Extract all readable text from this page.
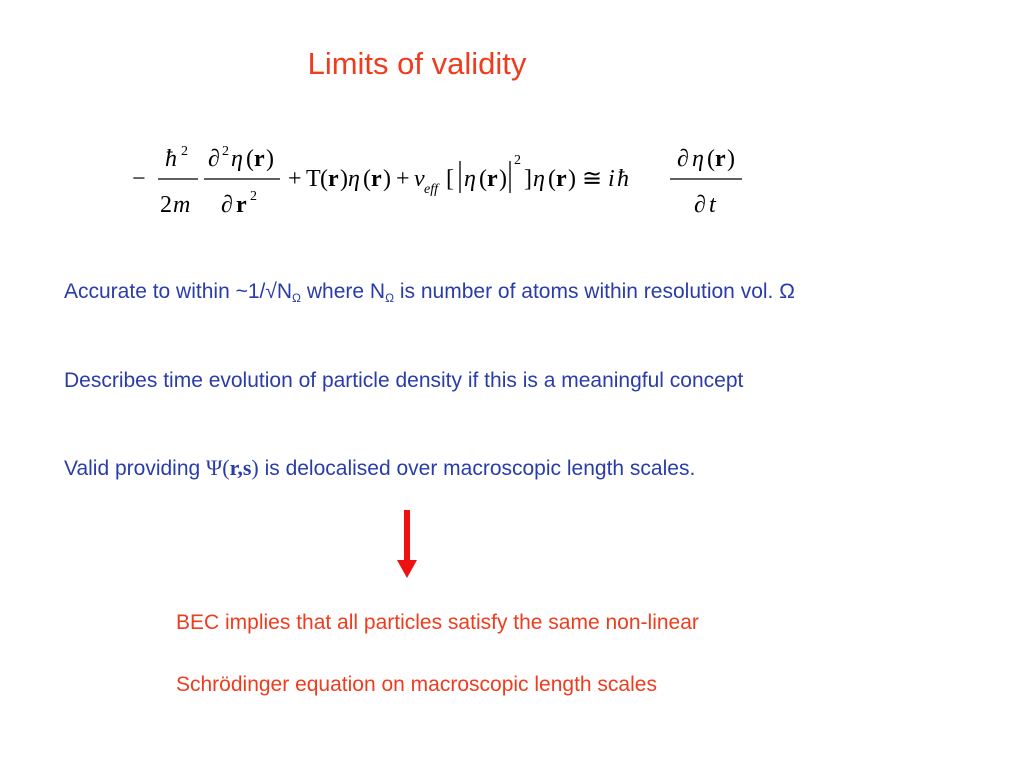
Limits of validity
−
ħ 2
2 m
∂ 2 η ( r )
∂ r 2
+ T ( r ) η ( r ) + v eff [ η ( r )
2
] η ( r ) ≅ i ħ
∂ η ( r )
∂ t
Accurate to within $\sim 1/√N_\Omega$ where $N_\Omega$ is number of atoms within resolution vol. Ω
Describes time evolution of particle density if this is a meaningful concept
Valid providing Ψ(r,s) is delocalised over macroscopic length scales.
BEC implies that all particles satisfy the same non-linear
Schrödinger equation on macroscopic length scales
